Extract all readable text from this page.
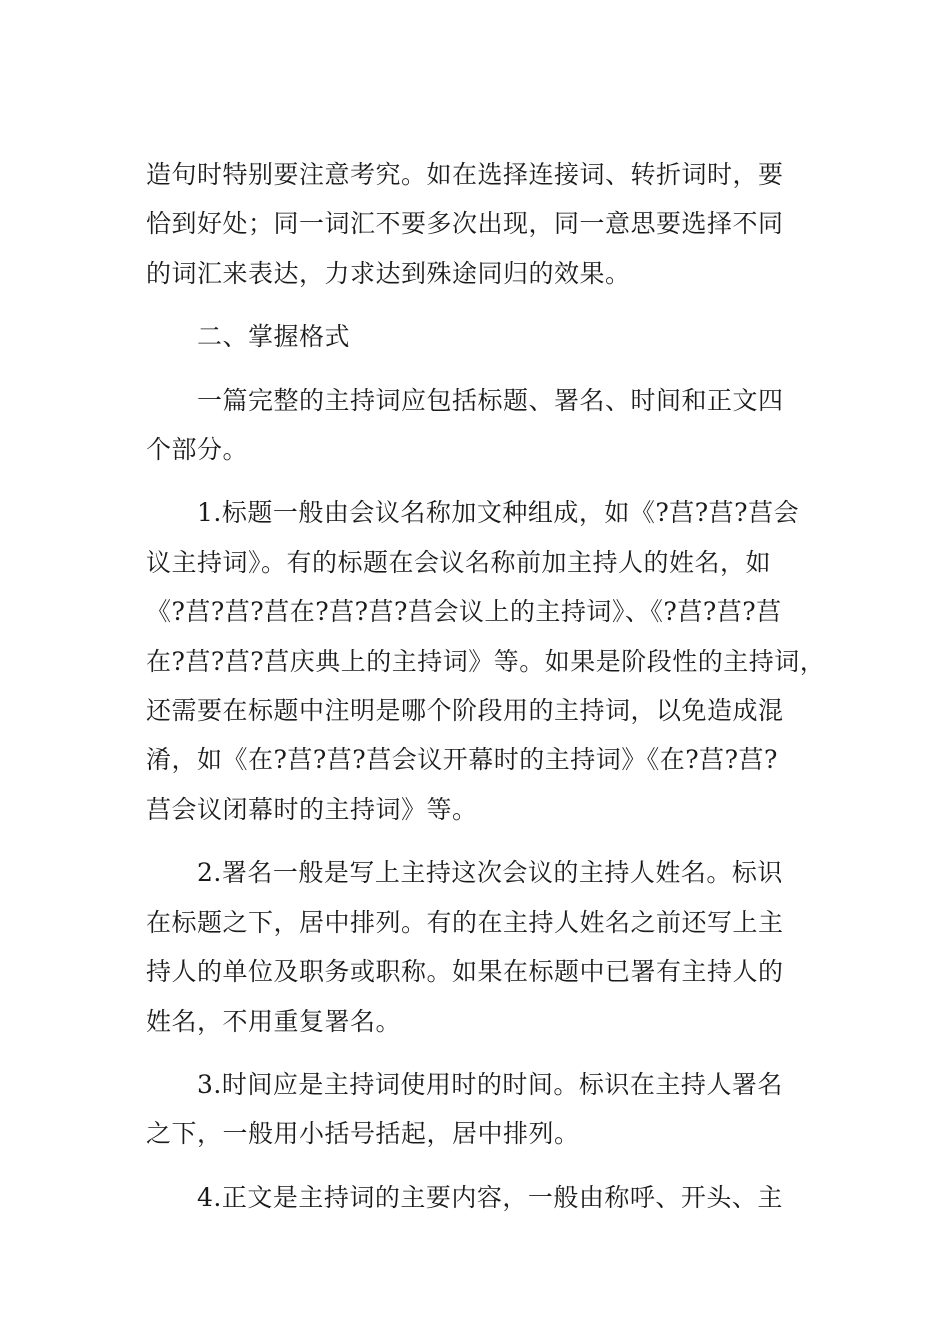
造句时特别要注意考究。如在选择连接词、转折词时，要
恰到好处；同一词汇不要多次出现，同一意思要选择不同
的词汇来表达，力求达到殊途同归的效果。

二、掌握格式

一篇完整的主持词应包括标题、署名、时间和正文四
个部分。

1.标题一般由会议名称加文种组成，如《?莒?莒?莒会
议主持词》。有的标题在会议名称前加主持人的姓名，如
《?莒?莒?莒在?莒?莒?莒会议上的主持词》、《?莒?莒?莒
在?莒?莒?莒庆典上的主持词》等。如果是阶段性的主持词，
还需要在标题中注明是哪个阶段用的主持词，以免造成混
淆，如《在?莒?莒?莒会议开幕时的主持词》《在?莒?莒?
莒会议闭幕时的主持词》等。

2.署名一般是写上主持这次会议的主持人姓名。标识
在标题之下，居中排列。有的在主持人姓名之前还写上主
持人的单位及职务或职称。如果在标题中已署有主持人的
姓名，不用重复署名。

3.时间应是主持词使用时的时间。标识在主持人署名
之下，一般用小括号括起，居中排列。

4.正文是主持词的主要内容，一般由称呼、开头、主
